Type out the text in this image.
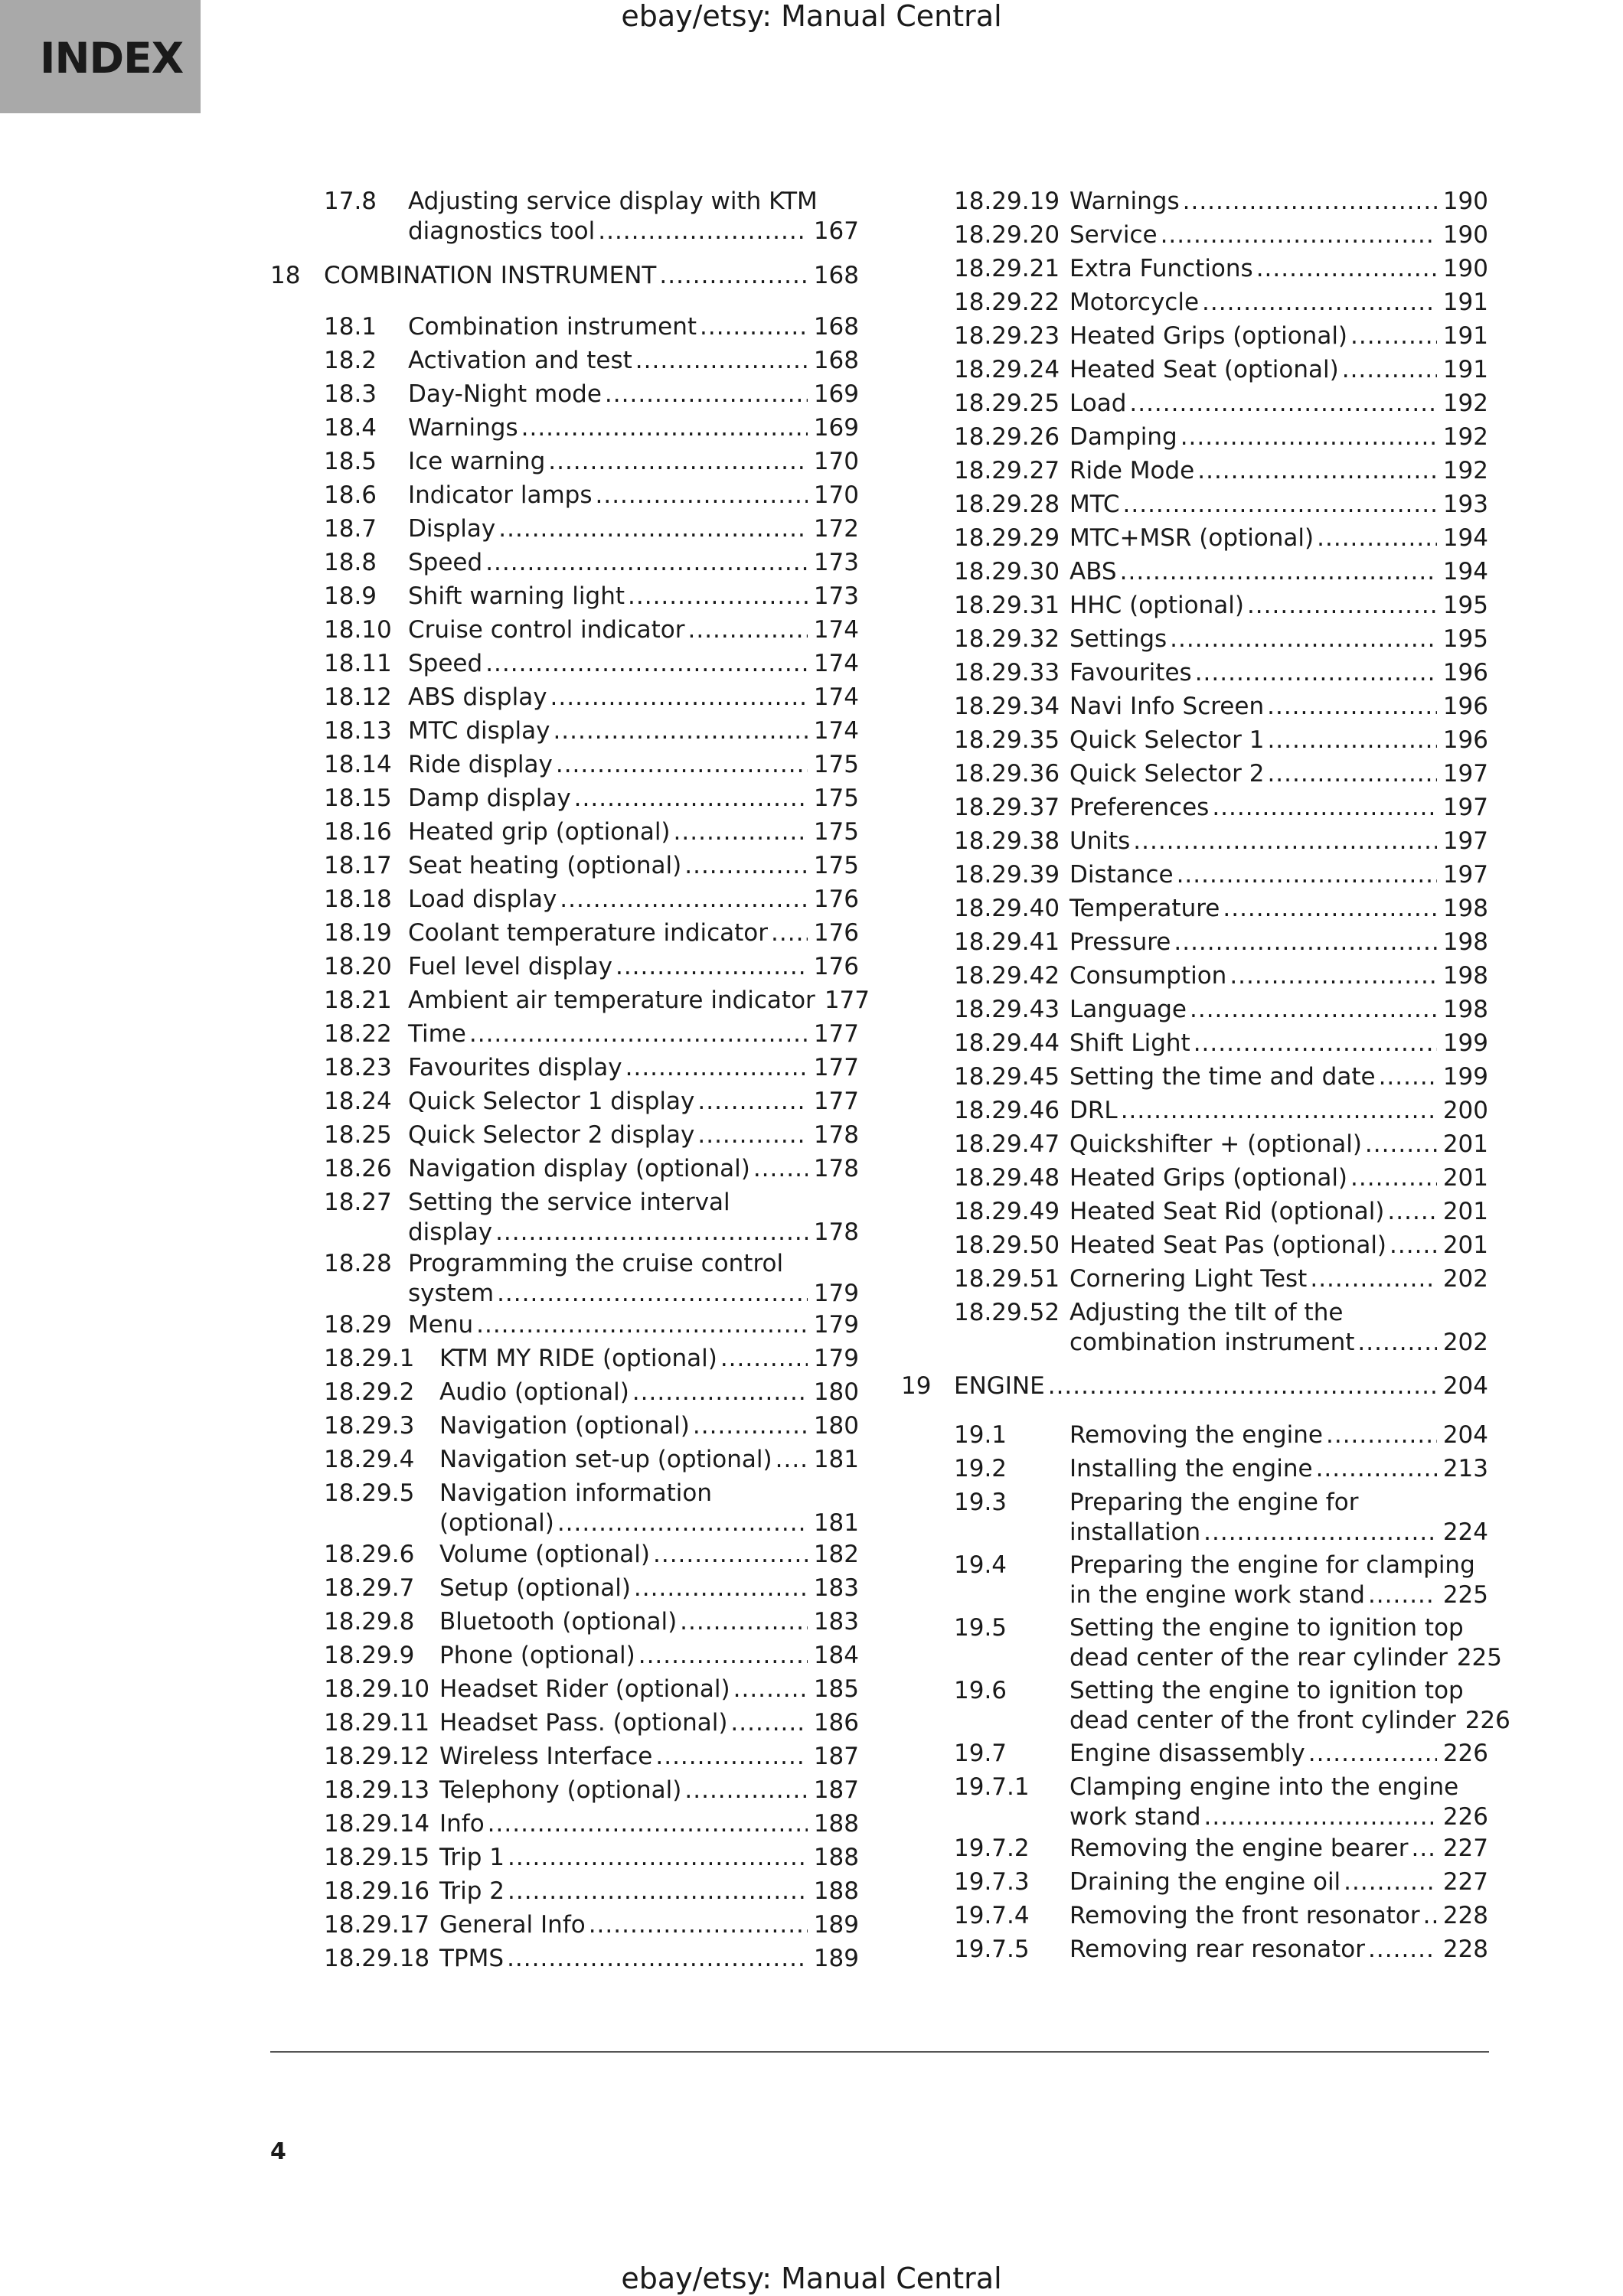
INDEX
ebay/etsy: Manual Central
17.8 Adjusting service display with KTM
diagnostics tool .....	167
18 COMBINATION INSTRUMENT .....	168
18.1 Combination instrument .....	168
18.2 Activation and test .....	168
18.3 Day-Night mode .....	169
18.4 Warnings .....	169
18.5 Ice warning .....	170
18.6 Indicator lamps .....	170
18.7 Display .....	172
18.8 Speed .....	173
18.9 Shift warning light .....	173
18.10 Cruise control indicator .....	174
18.11 Speed .....	174
18.12 ABS display .....	174
18.13 MTC display .....	174
18.14 Ride display .....	175
18.15 Damp display .....	175
18.16 Heated grip (optional) .....	175
18.17 Seat heating (optional) .....	175
18.18 Load display .....	176
18.19 Coolant temperature indicator ..... 176
18.20 Fuel level display .....	176
18.21 Ambient air temperature indicator 177
18.22 Time .....	177
18.23 Favourites display .....	177
18.24 Quick Selector 1 display .....	177
18.25 Quick Selector 2 display .....	178
18.26 Navigation display (optional) .....	178
18.27 Setting the service interval
display .....	178
18.28 Programming the cruise control
system .....	179
18.29 Menu .....	179
18.29.1 KTM MY RIDE (optional) .....	179
18.29.2 Audio (optional) .....	180
18.29.3 Navigation (optional) .....	180
18.29.4 Navigation set-up (optional) ..... 181
18.29.5 Navigation information
(optional) .....	181
18.29.6 Volume (optional) .....	182
18.29.7 Setup (optional) .....	183
18.29.8 Bluetooth (optional) .....	183
18.29.9 Phone (optional) .....	184
18.29.10 Headset Rider (optional) .....	185
18.29.11 Headset Pass. (optional) .....	186
18.29.12 Wireless Interface .....	187
18.29.13 Telephony (optional) .....	187
18.29.14 Info .....	188
18.29.15 Trip 1 .....	188
18.29.16 Trip 2 .....	188
18.29.17 General Info .....	189
18.29.18 TPMS .....	189
18.29.19 Warnings .....	190
18.29.20 Service .....	190
18.29.21 Extra Functions .....	190
18.29.22 Motorcycle .....	191
18.29.23 Heated Grips (optional) .....	191
18.29.24 Heated Seat (optional) .....	191
18.29.25 Load .....	192
18.29.26 Damping .....	192
18.29.27 Ride Mode .....	192
18.29.28 MTC .....	193
18.29.29 MTC+MSR (optional) .....	194
18.29.30 ABS .....	194
18.29.31 HHC (optional) .....	195
18.29.32 Settings .....	195
18.29.33 Favourites .....	196
18.29.34 Navi Info Screen .....	196
18.29.35 Quick Selector 1 .....	196
18.29.36 Quick Selector 2 .....	197
18.29.37 Preferences .....	197
18.29.38 Units .....	197
18.29.39 Distance .....	197
18.29.40 Temperature .....	198
18.29.41 Pressure .....	198
18.29.42 Consumption .....	198
18.29.43 Language .....	198
18.29.44 Shift Light .....	199
18.29.45 Setting the time and date .....	199
18.29.46 DRL .....	200
18.29.47 Quickshifter + (optional) .....	201
18.29.48 Heated Grips (optional) .....	201
18.29.49 Heated Seat Rid (optional) ..... 201
18.29.50 Heated Seat Pas (optional) ..... 201
18.29.51 Cornering Light Test .....	202
18.29.52 Adjusting the tilt of the
combination instrument .....	202
19 ENGINE .....	204
19.1	Removing the engine .....	204
19.2	Installing the engine .....	213
19.3	Preparing the engine for
installation .....	224
19.4	Preparing the engine for clamping
in the engine work stand .....	225
19.5	Setting the engine to ignition top
dead center of the rear cylinder 225
19.6	Setting the engine to ignition top
dead center of the front cylinder 226
19.7	Engine disassembly .....	226
19.7.1 Clamping engine into the engine
work stand .....	226
19.7.2 Removing the engine bearer ..... 227
19.7.3 Draining the engine oil .....	227
19.7.4 Removing the front resonator ..... 228
19.7.5 Removing rear resonator .....	228
4
ebay/etsy: Manual Central
